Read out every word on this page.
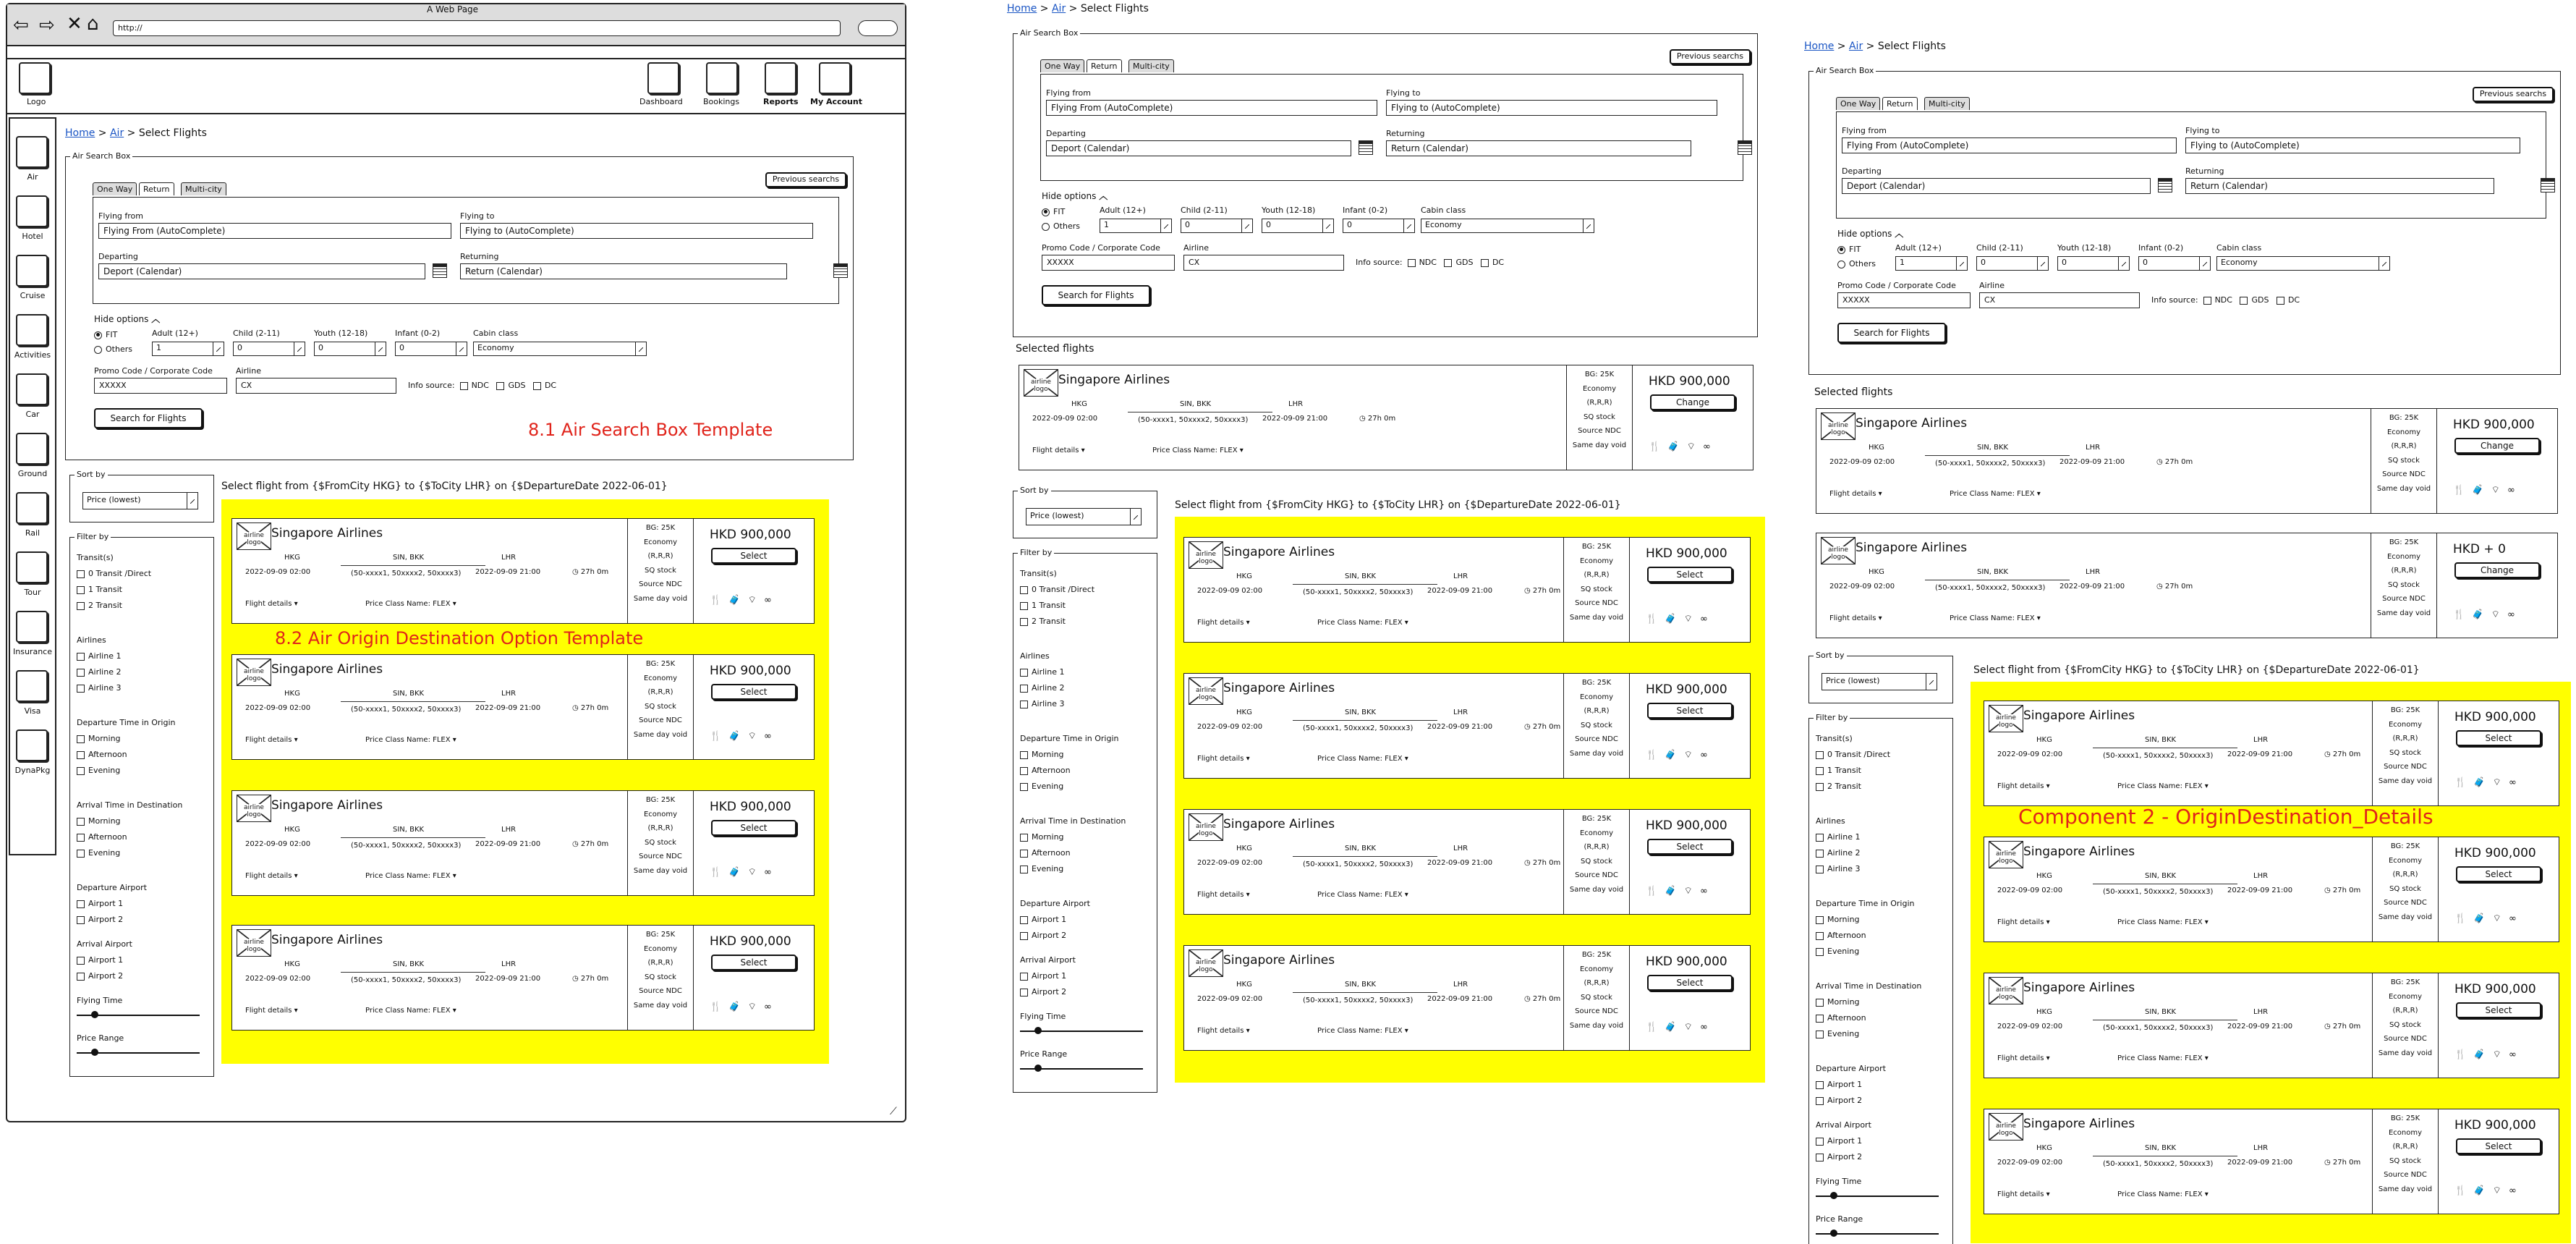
A Web Page
⇦ ⇨ ✕ ⌂	http://
Logo	Dashboard	Bookings	Reports My Account
Air
Hotel
Cruise
Activities
Car
Ground
Rail
Tour
Insurance
Visa
DynaPkg
⟋
Home > Air > Select Flights
Air Search Box
Previous searchs
One Way	Return	Multi-city
Flying from
Flying From (AutoComplete)
Flying to
Flying to (AutoComplete)
Departing
Deport (Calendar)
Returning
Return (Calendar)
Hide options ︿
FIT
Others
Adult (12+)
1
Child (2-11)
0
Youth (12-18)
0
Infant (0-2)
0
Cabin class
Economy
Promo Code / Corporate Code
XXXXX
Airline
CX	Info source: NDC GDS DC
Search for Flights
Sort by
Price (lowest)
Filter by
Transit(s)
0 Transit /Direct
1 Transit
2 Transit
Airlines
Airline 1
Airline 2
Airline 3
Departure Time in Origin
Morning
Afternoon
Evening
Arrival Time in Destination
Morning
Afternoon
Evening
Departure Airport
Airport 1
Airport 2
Arrival Airport
Airport 1
Airport 2
Flying Time
Price Range
Select flight from {$FromCity HKG} to {$ToCity LHR} on {$DepartureDate 2022-06-01}
airline logo
Singapore Airlines
HKG	SIN, BKK	LHR
2022-09-09 02:00	(50-xxxx1, 50xxxx2, 50xxxx3) 2022-09-09 21:00	◷ 27h 0m
Flight details ▾	Price Class Name: FLEX ▾
BG: 25K
Economy
(R,R,R)
SQ stock
Source NDC
Same day void
HKD 900,000
Select
🍴 🧳 ⌔ ∞
airline logo
Singapore Airlines
HKG	SIN, BKK	LHR
2022-09-09 02:00	(50-xxxx1, 50xxxx2, 50xxxx3) 2022-09-09 21:00	◷ 27h 0m
Flight details ▾	Price Class Name: FLEX ▾
BG: 25K
Economy
(R,R,R)
SQ stock
Source NDC
Same day void
HKD 900,000
Select
🍴 🧳 ⌔ ∞
airline logo
Singapore Airlines
HKG	SIN, BKK	LHR
2022-09-09 02:00	(50-xxxx1, 50xxxx2, 50xxxx3) 2022-09-09 21:00	◷ 27h 0m
Flight details ▾	Price Class Name: FLEX ▾
BG: 25K
Economy
(R,R,R)
SQ stock
Source NDC
Same day void
HKD 900,000
Select
🍴 🧳 ⌔ ∞
airline logo
Singapore Airlines
HKG	SIN, BKK	LHR
2022-09-09 02:00	(50-xxxx1, 50xxxx2, 50xxxx3) 2022-09-09 21:00	◷ 27h 0m
Flight details ▾	Price Class Name: FLEX ▾
BG: 25K
Economy
(R,R,R)
SQ stock
Source NDC
Same day void
HKD 900,000
Select
🍴 🧳 ⌔ ∞
8.2 Air Origin Destination Option Template
Home > Air > Select Flights
Air Search Box
Previous searchs
One Way	Return	Multi-city
Flying from
Flying From (AutoComplete)
Flying to
Flying to (AutoComplete)
Departing
Deport (Calendar)
Returning
Return (Calendar)
Hide options ︿
FIT
Others
Adult (12+)
1
Child (2-11)
0
Youth (12-18)
0
Infant (0-2)
0
Cabin class
Economy
Promo Code / Corporate Code
XXXXX
Airline
CX	Info source: NDC GDS DC
Search for Flights
Selected flights
airline logo
Singapore Airlines
HKG	SIN, BKK	LHR
2022-09-09 02:00	(50-xxxx1, 50xxxx2, 50xxxx3) 2022-09-09 21:00	◷ 27h 0m
Flight details ▾	Price Class Name: FLEX ▾
BG: 25K
Economy
(R,R,R)
SQ stock
Source NDC
Same day void
HKD 900,000
Change
🍴 🧳 ⌔ ∞
Sort by
Price (lowest)
Filter by
Transit(s)
0 Transit /Direct
1 Transit
2 Transit
Airlines
Airline 1
Airline 2
Airline 3
Departure Time in Origin
Morning
Afternoon
Evening
Arrival Time in Destination
Morning
Afternoon
Evening
Departure Airport
Airport 1
Airport 2
Arrival Airport
Airport 1
Airport 2
Flying Time
Price Range
Select flight from {$FromCity HKG} to {$ToCity LHR} on {$DepartureDate 2022-06-01}
airline logo
Singapore Airlines
HKG	SIN, BKK	LHR
2022-09-09 02:00	(50-xxxx1, 50xxxx2, 50xxxx3) 2022-09-09 21:00	◷ 27h 0m
Flight details ▾	Price Class Name: FLEX ▾
BG: 25K
Economy
(R,R,R)
SQ stock
Source NDC
Same day void
HKD 900,000
Select
🍴 🧳 ⌔ ∞
airline logo
Singapore Airlines
HKG	SIN, BKK	LHR
2022-09-09 02:00	(50-xxxx1, 50xxxx2, 50xxxx3) 2022-09-09 21:00	◷ 27h 0m
Flight details ▾	Price Class Name: FLEX ▾
BG: 25K
Economy
(R,R,R)
SQ stock
Source NDC
Same day void
HKD 900,000
Select
🍴 🧳 ⌔ ∞
airline logo
Singapore Airlines
HKG	SIN, BKK	LHR
2022-09-09 02:00	(50-xxxx1, 50xxxx2, 50xxxx3) 2022-09-09 21:00	◷ 27h 0m
Flight details ▾	Price Class Name: FLEX ▾
BG: 25K
Economy
(R,R,R)
SQ stock
Source NDC
Same day void
HKD 900,000
Select
🍴 🧳 ⌔ ∞
airline logo
Singapore Airlines
HKG	SIN, BKK	LHR
2022-09-09 02:00	(50-xxxx1, 50xxxx2, 50xxxx3) 2022-09-09 21:00	◷ 27h 0m
Flight details ▾	Price Class Name: FLEX ▾
BG: 25K
Economy
(R,R,R)
SQ stock
Source NDC
Same day void
HKD 900,000
Select
🍴 🧳 ⌔ ∞
Home > Air > Select Flights
Air Search Box
Previous searchs
One Way	Return	Multi-city
Flying from
Flying From (AutoComplete)
Flying to
Flying to (AutoComplete)
Departing
Deport (Calendar)
Returning
Return (Calendar)
Hide options ︿
FIT
Others
Adult (12+)
1
Child (2-11)
0
Youth (12-18)
0
Infant (0-2)
0
Cabin class
Economy
Promo Code / Corporate Code
XXXXX
Airline
CX	Info source: NDC GDS DC
Search for Flights
Selected flights
airline logo
Singapore Airlines
HKG	SIN, BKK	LHR
2022-09-09 02:00	(50-xxxx1, 50xxxx2, 50xxxx3) 2022-09-09 21:00	◷ 27h 0m
Flight details ▾	Price Class Name: FLEX ▾
BG: 25K
Economy
(R,R,R)
SQ stock
Source NDC
Same day void
HKD 900,000
Change
🍴 🧳 ⌔ ∞
airline logo
Singapore Airlines
HKG	SIN, BKK	LHR
2022-09-09 02:00	(50-xxxx1, 50xxxx2, 50xxxx3) 2022-09-09 21:00	◷ 27h 0m
Flight details ▾	Price Class Name: FLEX ▾
BG: 25K
Economy
(R,R,R)
SQ stock
Source NDC
Same day void
HKD + 0
Change
🍴 🧳 ⌔ ∞
Sort by
Price (lowest)
Filter by
Transit(s)
0 Transit /Direct
1 Transit
2 Transit
Airlines
Airline 1
Airline 2
Airline 3
Departure Time in Origin
Morning
Afternoon
Evening
Arrival Time in Destination
Morning
Afternoon
Evening
Departure Airport
Airport 1
Airport 2
Arrival Airport
Airport 1
Airport 2
Flying Time
Price Range
Select flight from {$FromCity HKG} to {$ToCity LHR} on {$DepartureDate 2022-06-01}
airline logo
Singapore Airlines
HKG	SIN, BKK	LHR
2022-09-09 02:00	(50-xxxx1, 50xxxx2, 50xxxx3) 2022-09-09 21:00	◷ 27h 0m
Flight details ▾	Price Class Name: FLEX ▾
BG: 25K
Economy
(R,R,R)
SQ stock
Source NDC
Same day void
HKD 900,000
Select
🍴 🧳 ⌔ ∞
airline logo
Singapore Airlines
HKG	SIN, BKK	LHR
2022-09-09 02:00	(50-xxxx1, 50xxxx2, 50xxxx3) 2022-09-09 21:00	◷ 27h 0m
Flight details ▾	Price Class Name: FLEX ▾
BG: 25K
Economy
(R,R,R)
SQ stock
Source NDC
Same day void
HKD 900,000
Select
🍴 🧳 ⌔ ∞
airline logo
Singapore Airlines
HKG	SIN, BKK	LHR
2022-09-09 02:00	(50-xxxx1, 50xxxx2, 50xxxx3) 2022-09-09 21:00	◷ 27h 0m
Flight details ▾	Price Class Name: FLEX ▾
BG: 25K
Economy
(R,R,R)
SQ stock
Source NDC
Same day void
HKD 900,000
Select
🍴 🧳 ⌔ ∞
airline logo
Singapore Airlines
HKG	SIN, BKK	LHR
2022-09-09 02:00	(50-xxxx1, 50xxxx2, 50xxxx3) 2022-09-09 21:00	◷ 27h 0m
Flight details ▾	Price Class Name: FLEX ▾
BG: 25K
Economy
(R,R,R)
SQ stock
Source NDC
Same day void
HKD 900,000
Select
🍴 🧳 ⌔ ∞
Component 2 - OriginDestination_Details
8.1 Air Search Box Template
